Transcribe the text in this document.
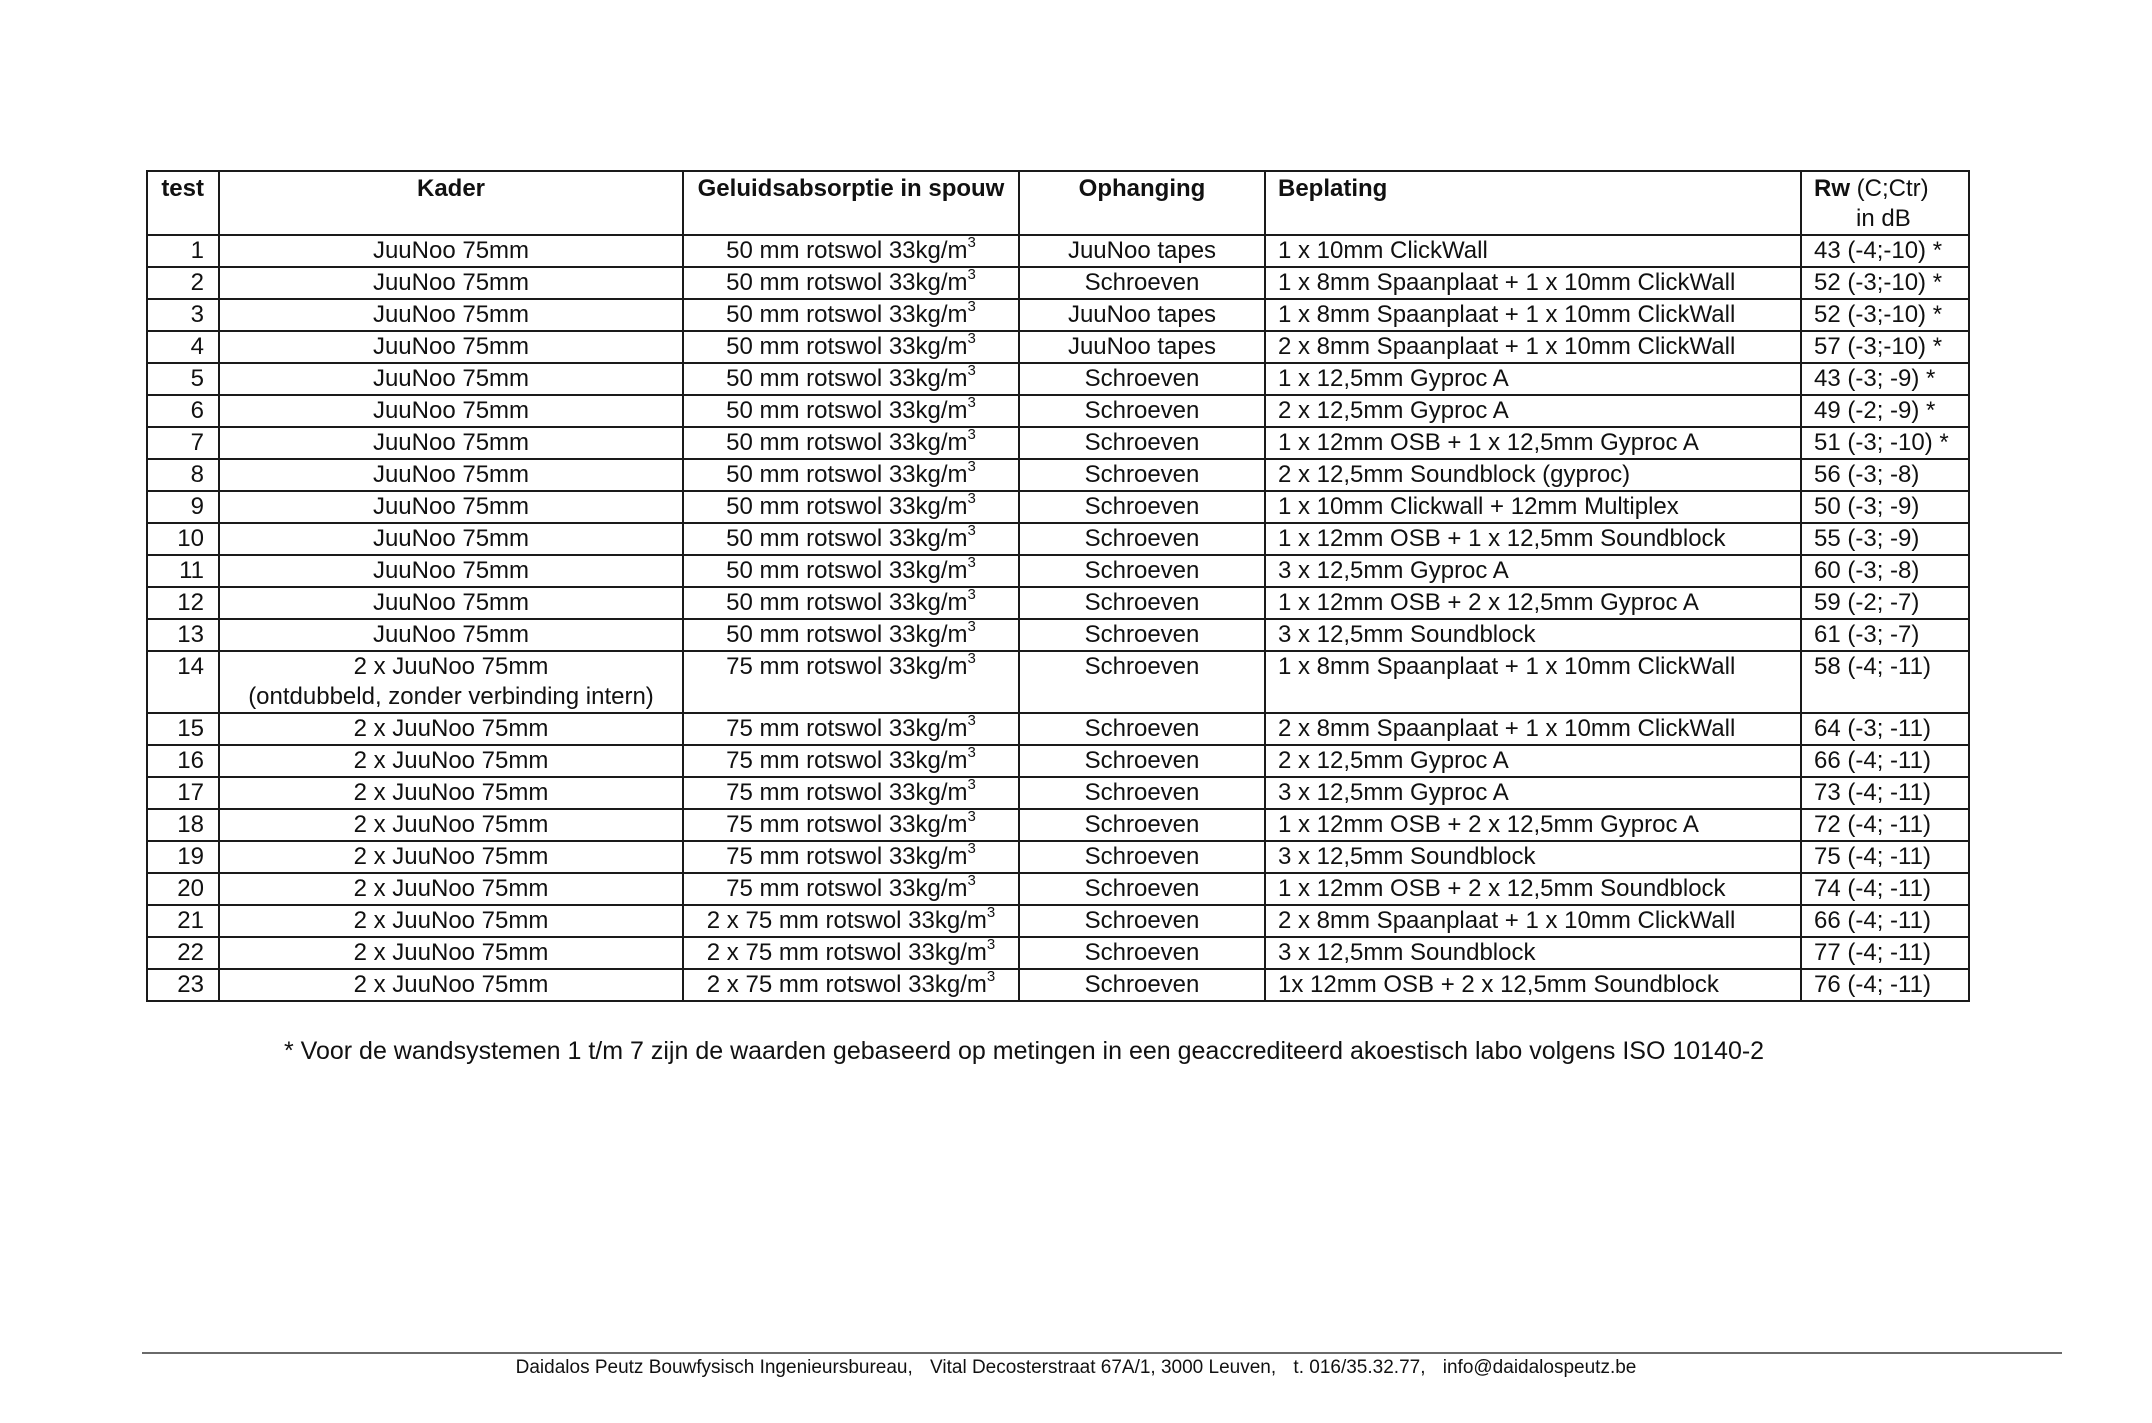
test	Kader	Geluidsabsorptie in spouw	Ophanging	Beplating	Rw (C;Ctr)
in dB

1	JuuNoo 75mm	50 mm rotswol $33kg/m^3$	JuuNoo tapes	1 x 10mm ClickWall	43 (-4;-10) *
2	JuuNoo 75mm	50 mm rotswol $33kg/m^3$	Schroeven	1 x 8mm Spaanplaat + 1 x 10mm ClickWall	52 (-3;-10) *
3	JuuNoo 75mm	50 mm rotswol $33kg/m^3$	JuuNoo tapes	1 x 8mm Spaanplaat + 1 x 10mm ClickWall	52 (-3;-10) *
4	JuuNoo 75mm	50 mm rotswol $33kg/m^3$	JuuNoo tapes	2 x 8mm Spaanplaat + 1 x 10mm ClickWall	57 (-3;-10) *
5	JuuNoo 75mm	50 mm rotswol $33kg/m^3$	Schroeven	1 x 12,5mm Gyproc A	43 (-3; -9) *
6	JuuNoo 75mm	50 mm rotswol $33kg/m^3$	Schroeven	2 x 12,5mm Gyproc A	49 (-2; -9) *
7	JuuNoo 75mm	50 mm rotswol $33kg/m^3$	Schroeven	1 x 12mm OSB + 1 x 12,5mm Gyproc A	51 (-3; -10) *
8	JuuNoo 75mm	50 mm rotswol $33kg/m^3$	Schroeven	2 x 12,5mm Soundblock (gyproc)	56 (-3; -8)
9	JuuNoo 75mm	50 mm rotswol $33kg/m^3$	Schroeven	1 x 10mm Clickwall + 12mm Multiplex	50 (-3; -9)
10	JuuNoo 75mm	50 mm rotswol $33kg/m^3$	Schroeven	1 x 12mm OSB + 1 x 12,5mm Soundblock	55 (-3; -9)
11	JuuNoo 75mm	50 mm rotswol $33kg/m^3$	Schroeven	3 x 12,5mm Gyproc A	60 (-3; -8)
12	JuuNoo 75mm	50 mm rotswol $33kg/m^3$	Schroeven	1 x 12mm OSB + 2 x 12,5mm Gyproc A	59 (-2; -7)
13	JuuNoo 75mm	50 mm rotswol $33kg/m^3$	Schroeven	3 x 12,5mm Soundblock	61 (-3; -7)
14	2 x JuuNoo 75mm
(ontdubbeld, zonder verbinding intern)	75 mm rotswol $33kg/m^3$	Schroeven	1 x 8mm Spaanplaat + 1 x 10mm ClickWall	58 (-4; -11)
15	2 x JuuNoo 75mm	75 mm rotswol $33kg/m^3$	Schroeven	2 x 8mm Spaanplaat + 1 x 10mm ClickWall	64 (-3; -11)
16	2 x JuuNoo 75mm	75 mm rotswol $33kg/m^3$	Schroeven	2 x 12,5mm Gyproc A	66 (-4; -11)
17	2 x JuuNoo 75mm	75 mm rotswol $33kg/m^3$	Schroeven	3 x 12,5mm Gyproc A	73 (-4; -11)
18	2 x JuuNoo 75mm	75 mm rotswol $33kg/m^3$	Schroeven	1 x 12mm OSB + 2 x 12,5mm Gyproc A	72 (-4; -11)
19	2 x JuuNoo 75mm	75 mm rotswol $33kg/m^3$	Schroeven	3 x 12,5mm Soundblock	75 (-4; -11)
20	2 x JuuNoo 75mm	75 mm rotswol $33kg/m^3$	Schroeven	1 x 12mm OSB + 2 x 12,5mm Soundblock	74 (-4; -11)
21	2 x JuuNoo 75mm	2 x 75 mm rotswol $33kg/m^3$	Schroeven	2 x 8mm Spaanplaat + 1 x 10mm ClickWall	66 (-4; -11)
22	2 x JuuNoo 75mm	2 x 75 mm rotswol $33kg/m^3$	Schroeven	3 x 12,5mm Soundblock	77 (-4; -11)
23	2 x JuuNoo 75mm	2 x 75 mm rotswol $33kg/m^3$	Schroeven	1x 12mm OSB + 2 x 12,5mm Soundblock	76 (-4; -11)
* Voor de wandsystemen 1 t/m 7 zijn de waarden gebaseerd op metingen in een geaccrediteerd akoestisch labo volgens ISO 10140-2
Daidalos Peutz Bouwfysisch Ingenieursbureau, Vital Decosterstraat 67A/1, 3000 Leuven, t. 016/35.32.77, info@daidalospeutz.be
